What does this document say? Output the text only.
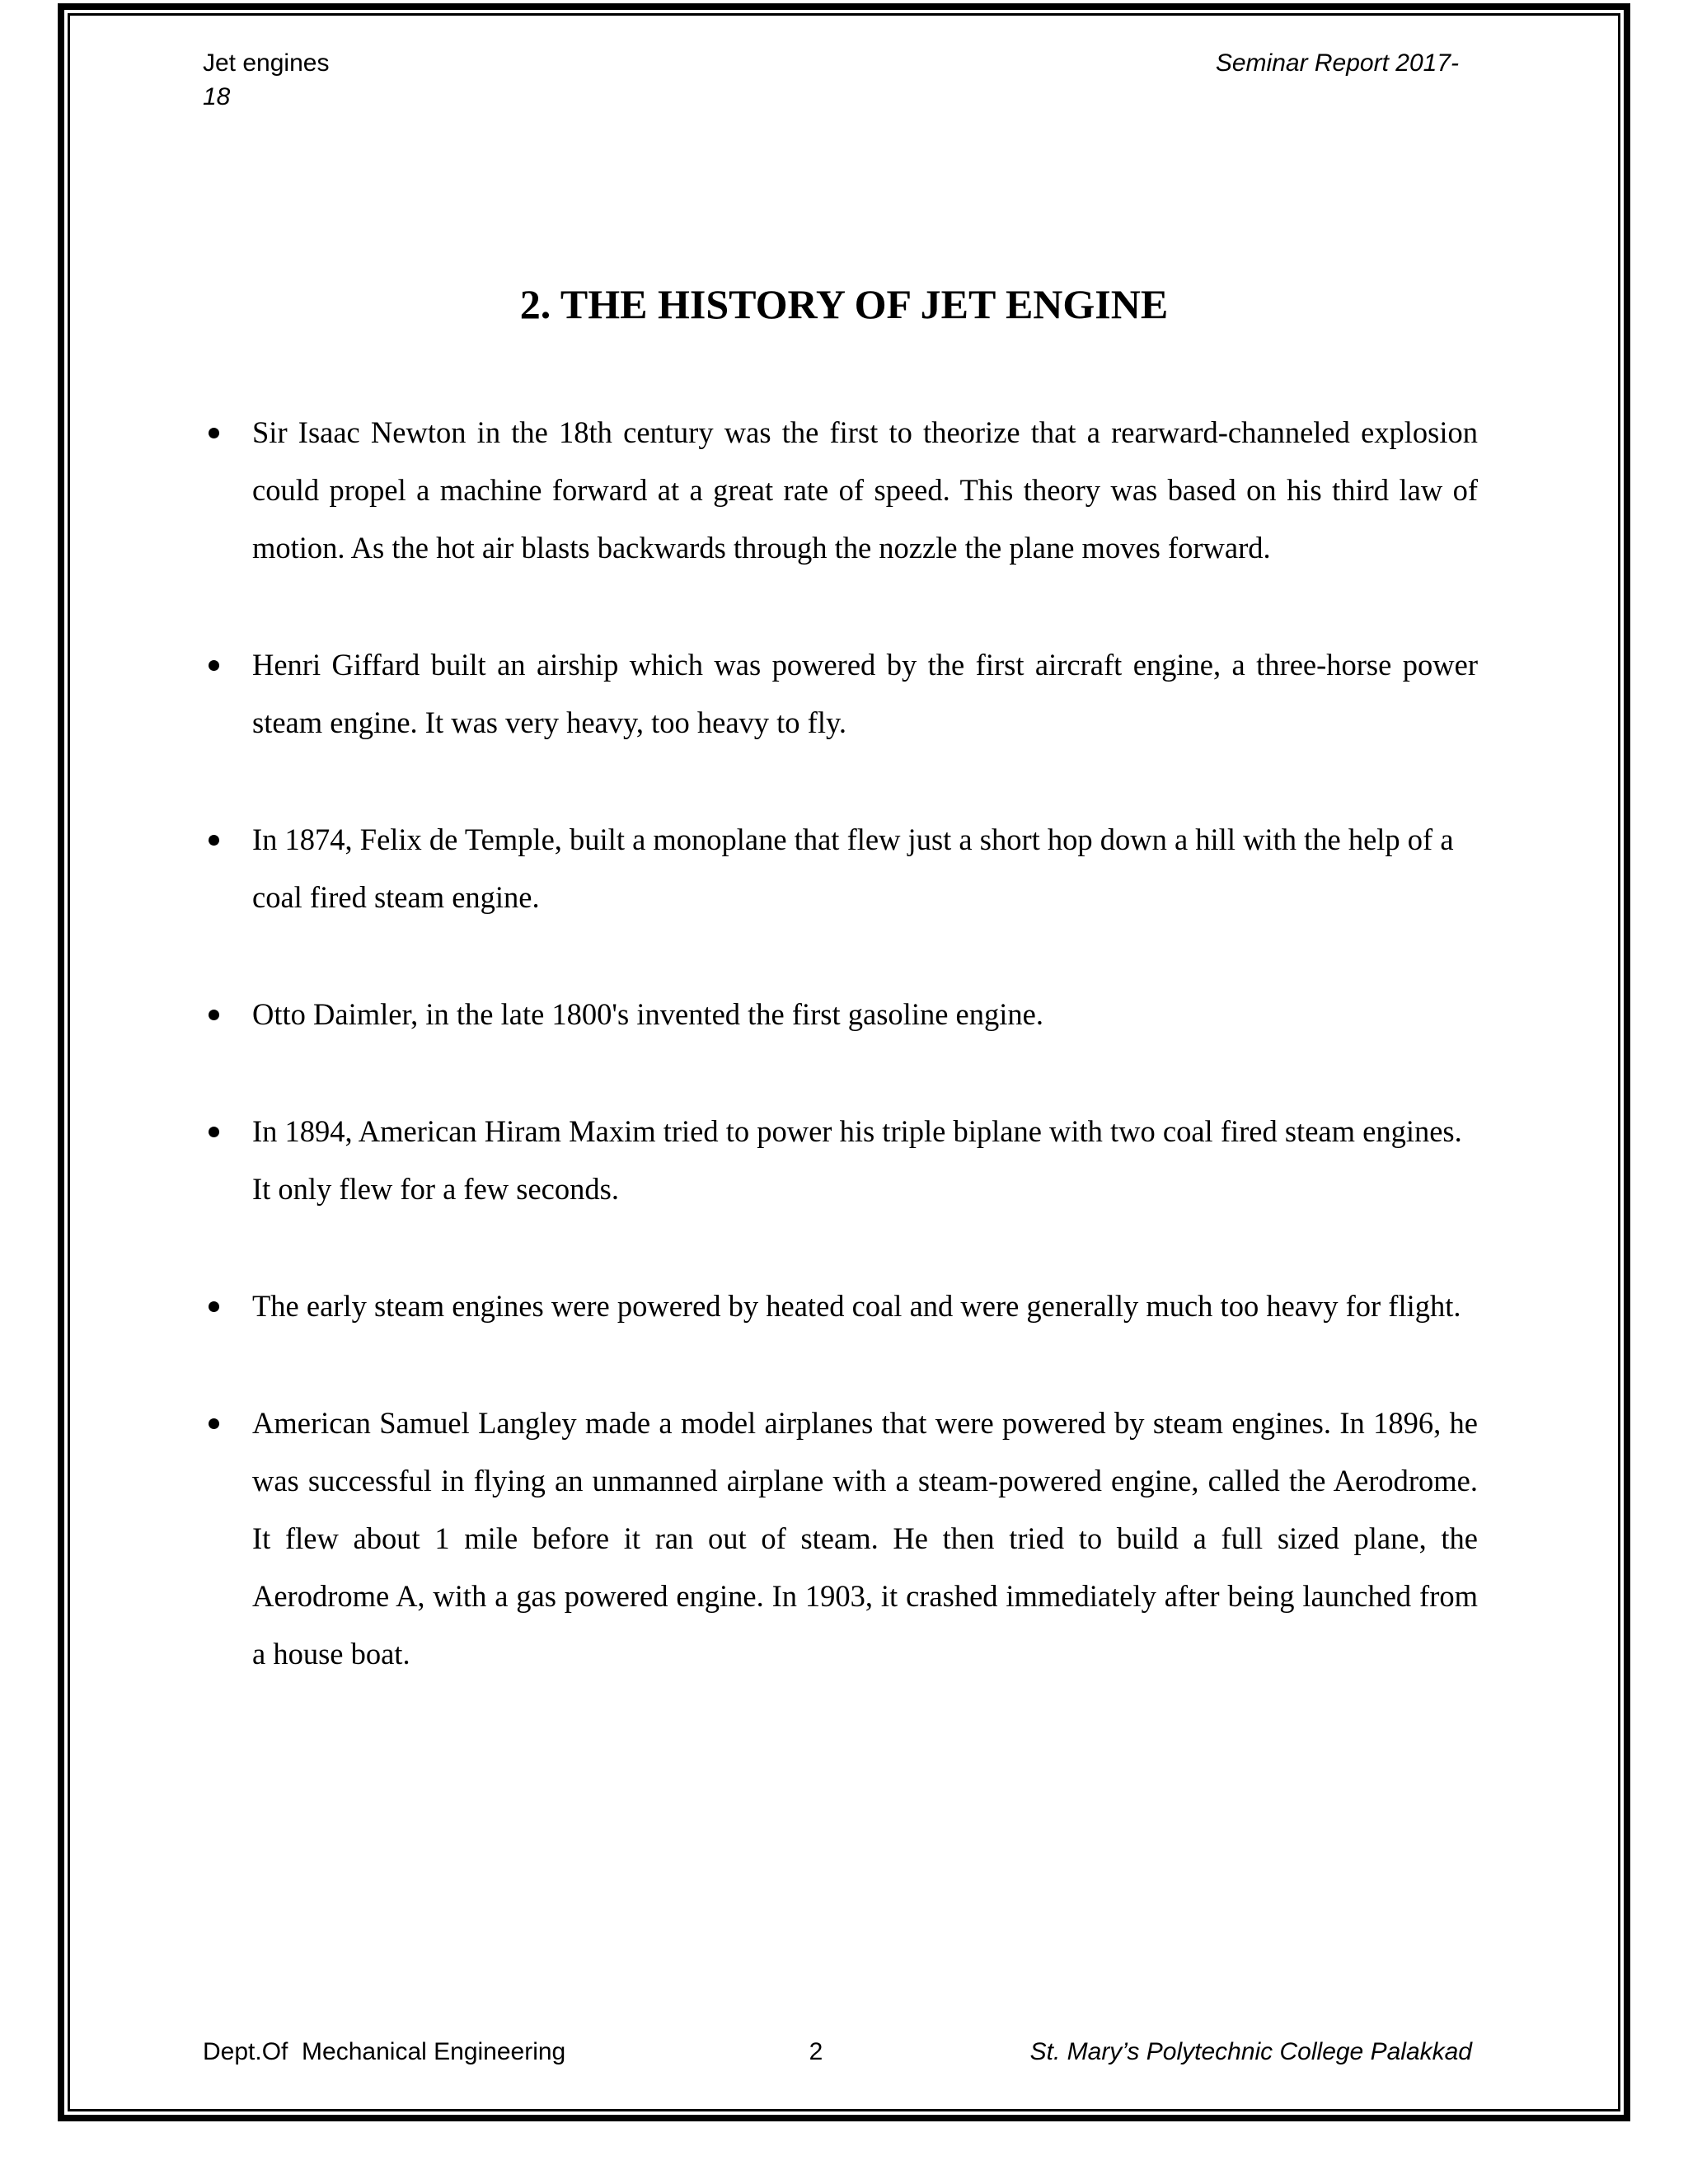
Jet engines
18
Seminar Report 2017-
2. THE HISTORY OF JET ENGINE
Sir Isaac Newton in the 18th century was the first to theorize that a rearward-channeled explosion could propel a machine forward at a great rate of speed. This theory was based on his third law of motion. As the hot air blasts backwards through the nozzle the plane moves forward.
Henri Giffard built an airship which was powered by the first aircraft engine, a three-horse power steam engine. It was very heavy, too heavy to fly.
In 1874, Felix de Temple, built a monoplane that flew just a short hop down a hill with the help of a coal fired steam engine.
Otto Daimler, in the late 1800's invented the first gasoline engine.
In 1894, American Hiram Maxim tried to power his triple biplane with two coal fired steam engines. It only flew for a few seconds.
The early steam engines were powered by heated coal and were generally much too heavy for flight.
American Samuel Langley made a model airplanes that were powered by steam engines. In 1896, he was successful in flying an unmanned airplane with a steam-powered engine, called the Aerodrome. It flew about 1 mile before it ran out of steam. He then tried to build a full sized plane, the Aerodrome A, with a gas powered engine. In 1903, it crashed immediately after being launched from a house boat.
Dept.Of  Mechanical Engineering	2	St. Mary’s Polytechnic College Palakkad
